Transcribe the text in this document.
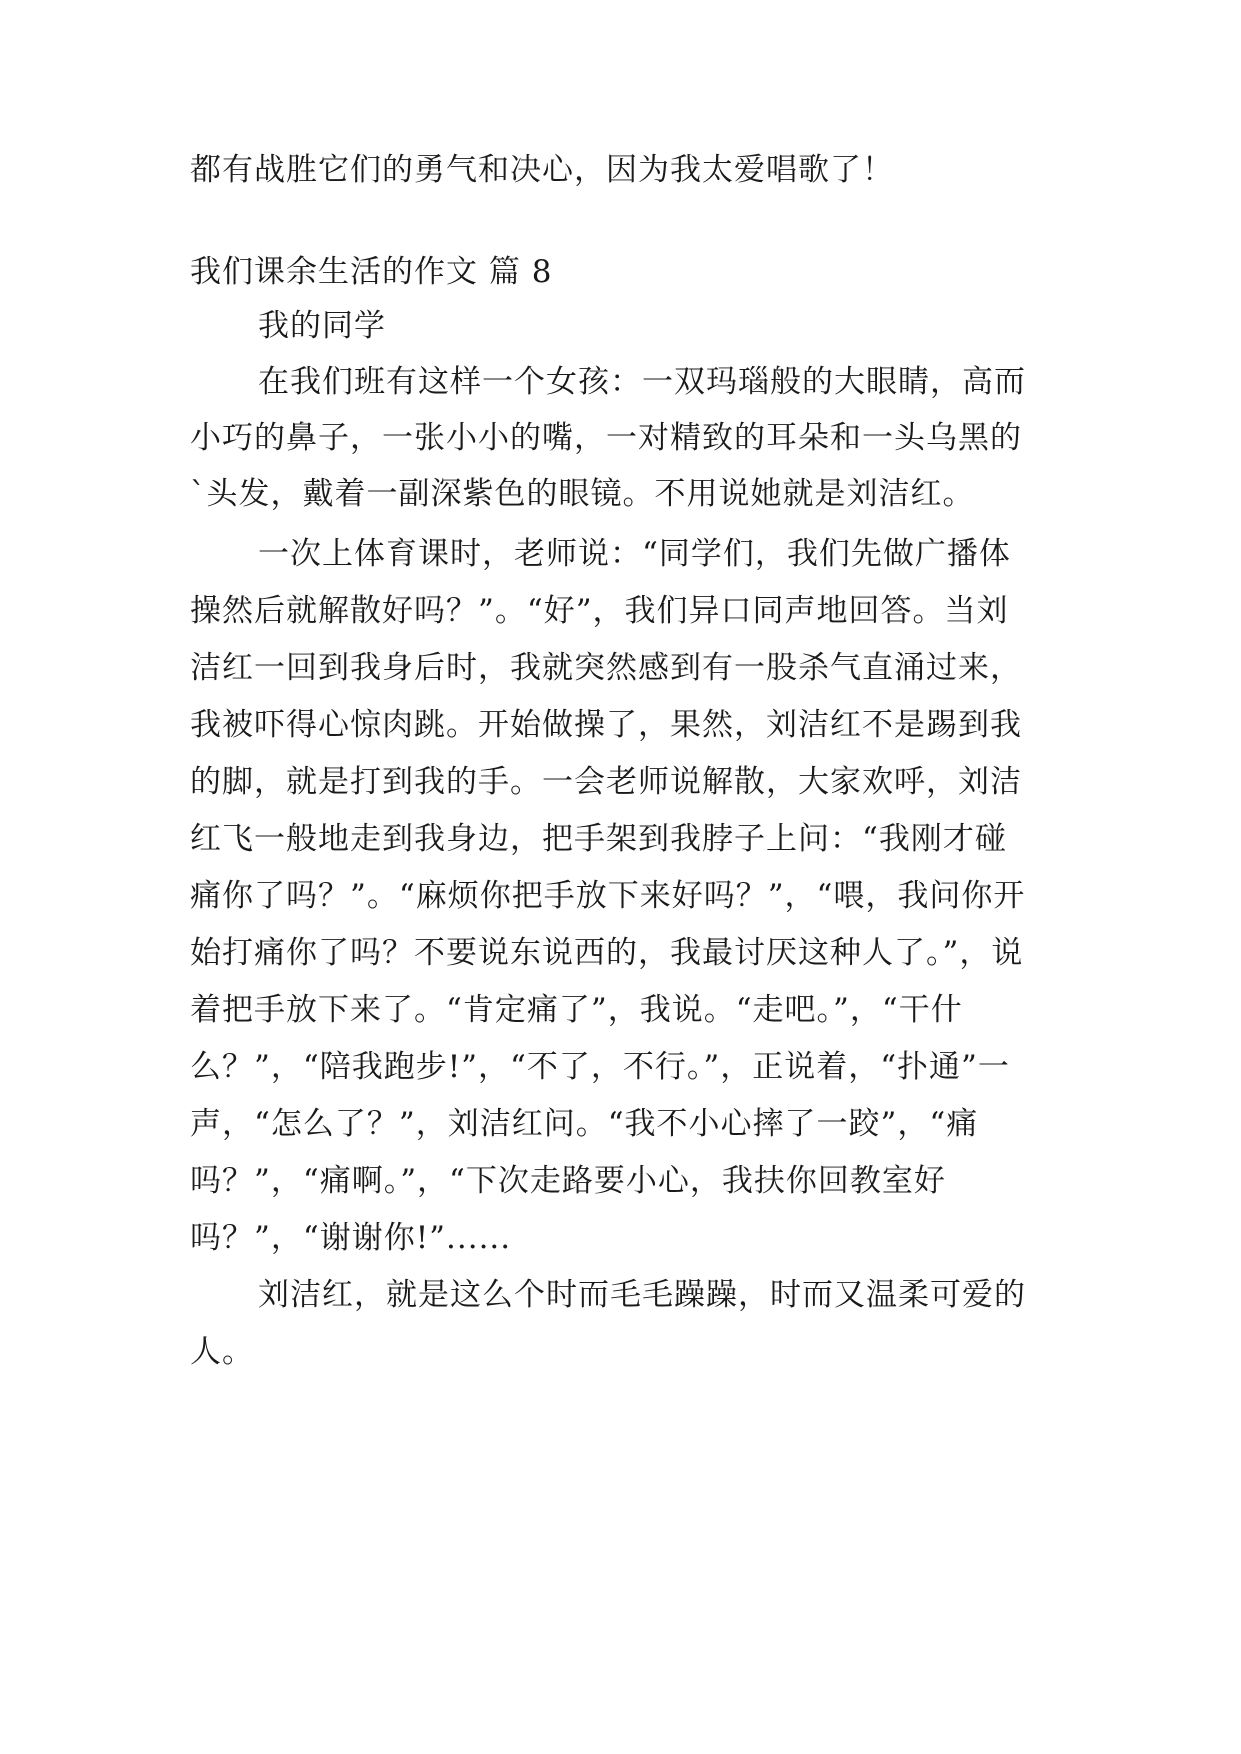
都有战胜它们的勇气和决心，因为我太爱唱歌了！

我们课余生活的作文 篇 8

我的同学

在我们班有这样一个女孩：一双玛瑙般的大眼睛，高而

小巧的鼻子，一张小小的嘴，一对精致的耳朵和一头乌黑的

`头发，戴着一副深紫色的眼镜。不用说她就是刘洁红。

一次上体育课时，老师说：“同学们，我们先做广播体

操然后就解散好吗？”。“好”，我们异口同声地回答。当刘

洁红一回到我身后时，我就突然感到有一股杀气直涌过来，

我被吓得心惊肉跳。开始做操了，果然，刘洁红不是踢到我

的脚，就是打到我的手。一会老师说解散，大家欢呼，刘洁

红飞一般地走到我身边，把手架到我脖子上问：“我刚才碰

痛你了吗？”。“麻烦你把手放下来好吗？”，“喂，我问你开

始打痛你了吗？不要说东说西的，我最讨厌这种人了。”，说

着把手放下来了。“肯定痛了”，我说。“走吧。”，“干什

么？”，“陪我跑步!”，“不了，不行。”，正说着，“扑通”一

声，“怎么了？”，刘洁红问。“我不小心摔了一跤”，“痛

吗？”，“痛啊。”，“下次走路要小心，我扶你回教室好

吗？”，“谢谢你!”......

刘洁红，就是这么个时而毛毛躁躁，时而又温柔可爱的

人。
